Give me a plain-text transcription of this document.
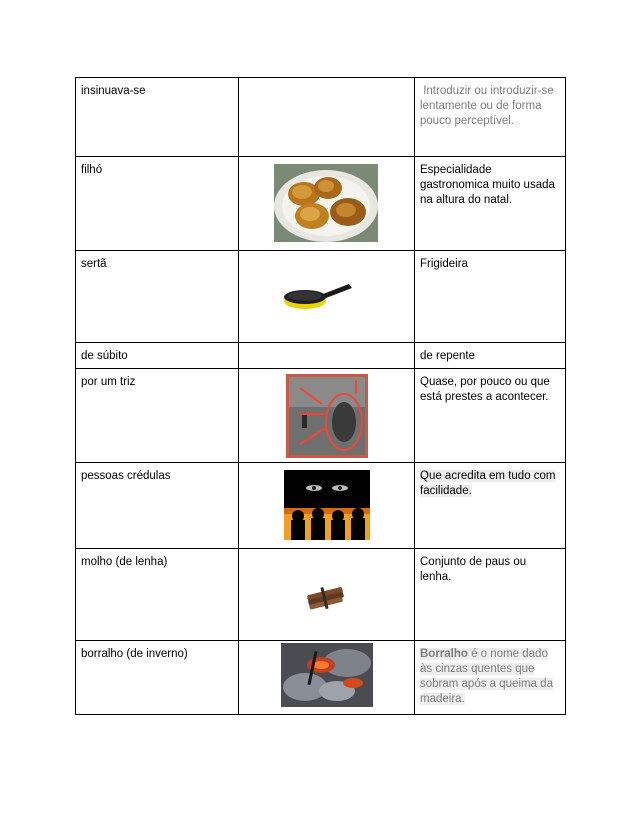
insinuava-se		Introduzir ou introduzir-se lentamente ou de forma pouco perceptível.
filhó		Especialidade gastronomica muito usada na altura do natal.
sertã		Frigideira
de súbito		de repente
por um triz		Quase, por pouco ou que está prestes a acontecer.
pessoas crédulas		Que acredita em tudo com facilidade.
molho (de lenha)		Conjunto de paus ou lenha.
borralho (de inverno)		Borralho é o nome dado às cinzas quentes que sobram após a queima da madeira.
